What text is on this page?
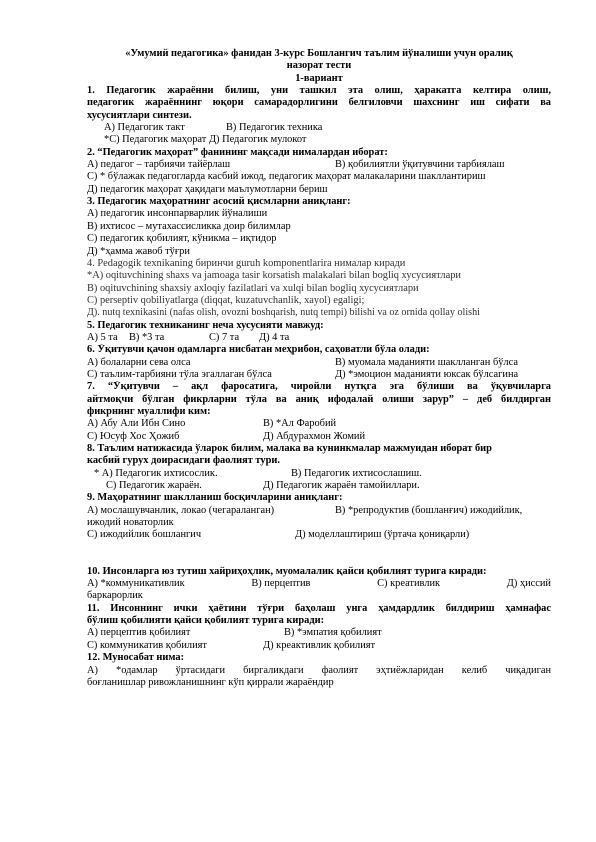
«Умумий педагогика» фанидан 3-курс Бошлангич таълим йўналиши учун оралиқ
назорат тести
1-вариант
1. Педагогик жараённи билиш, уни ташкил эта олиш, ҳаракатга келтира олиш,
педагогик жараённинг юқори самарадорлигини белгиловчи шахснинг иш сифати ва
хусусиятлари синтези.
А) Педагогик такт	В) Педагогик техника
*С) Педагогик маҳорат Д) Педагогик мулокот
2. “Педагогик маҳорат” фанининг мақсади нималардан иборат:
А) педагог – тарбиячи тайёрлаш	В) қобилиятли ўқитувчини тарбиялаш
С) * бўлажак педагогларда касбий ижод, педагогик маҳорат малакаларини шакллантириш
Д) педагогик маҳорат ҳақидаги маълумотларни бериш
3. Педагогик маҳоратнинг асосий қисмларни аниқланг:
А) педагогик инсонпарварлик йўналиши
В) ихтисос – мутахассисликка доир билимлар
С) педагогик қобилият, кўникма – иқтидор
Д) *ҳамма жавоб тўғри
4. Pedagogik texnikaning биринчи guruh komponentlarira нималар киради
*A) oqituvchining shaxs va jamoaga tasir korsatish malakalari bilan boglіq хусусиятлари
B) oqituvchining shaxsiy axloqiy fazilatlari va xulqi bilan boglіq хусусиятлари
C) perseptiv qobiliyatlarga (diqqat, kuzatuvchanlik, xayol) egaligi;
Д). nutq texnikasini (nafas olish, ovozni boshqarish, nutq tempi) bilishi va oz ornida qollay olishi
5. Педагогик техниканинг неча хусусияти мавжуд:
А) 5 та В) *3 та	С) 7 та Д) 4 та
6. Ўқитувчи қачон одамларга нисбатан меҳрибон, саҳоватли бўла олади:
А) болаларни сева олса	В) муомала маданияти шаклланган бўлса
С) таълим-тарбияни тўла эгаллаган бўлса	Д) *эмоцион маданияти юксак бўлсагина
7. “Ўқитувчи – ақл фаросатига, чиройли нутқга эга бўлиши ва ўқувчиларга
айтмоқчи бўлган фикрларни тўла ва аниқ ифодалай олиши зарур” – деб билдирган
фикрнинг муаллифи ким:
А) Абу Али Ибн Сино	В) *Ал Фаробий
С) Юсуф Хос Ҳожиб	Д) Абдурахмон Жомий
8. Таълим натижасида ўларок билим, малака ва кунинкмалар мажмуидан иборат бир
касбий гурух доирасидаги фаолият тури.
* А) Педагогик ихтисослик.	В) Педагогик ихтисослашиш.
С) Педагогик жараён.	Д) Педагогик жараён тамойиллари.
9. Маҳоратнинг шаклланиш босқичларини аниқланг:
А) мослашувчанлик, локао (чегараланган)	В) *репродуктив (бошланғич) ижодийлик,
ижодий новаторлик
С) ижодийлик бошлангич	Д) моделлаштириш (ўртача қониқарли)
10. Инсонларга юз тутиш хайриҳоҳлик, муомалалик қайси қобилият турига киради:
А) *коммуникативлик	В) перцептив	С) креативлик	Д) ҳиссий
баркарорлик
11. Инсоннинг ички ҳаётини тўғри баҳолаш унга ҳамдардлик билдириш ҳамнафас
бўлиш қобилияти қайси қобилият турига киради:
А) перцептив қобилият	В) *эмпатия қобилият
С) коммуникатив қобилият	Д) креактивлик қобилият
12. Муносабат нима:
А) *одамлар ўртасидаги биргаликдаги фаолият эҳтиёжларидан келиб чиқадиган
боғланишлар ривожланишнинг кўп қиррали жараёндир
